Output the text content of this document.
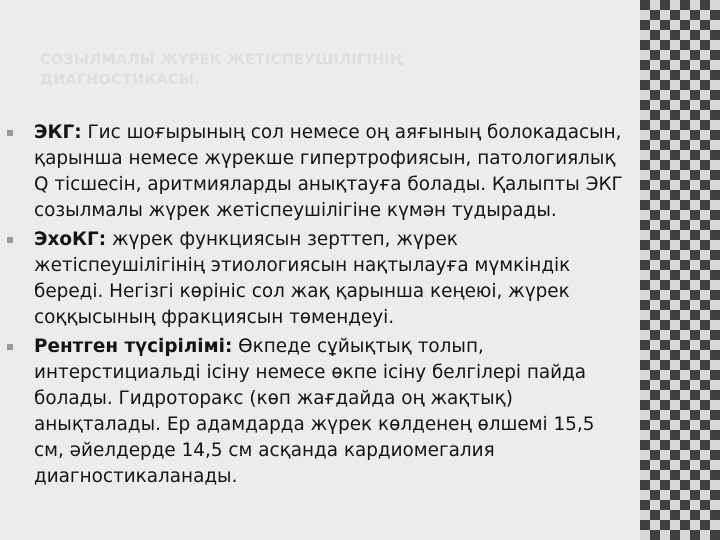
СОЗЫЛМАЛЫ ЖҮРЕК ЖЕТІСПЕУШІЛІГІНІҢ ДИАГНОСТИКАСЫ.
ЭКГ: Гис шоғырының сол немесе оң аяғының болокадасын, қарынша немесе жүрекше гипертрофиясын, патологиялық Q тісшесін, аритмияларды анықтауға болады. Қалыпты ЭКГ созылмалы жүрек жетіспеушілігіне күмән тудырады.
ЭхоКГ: жүрек функциясын зерттеп, жүрек жетіспеушілігінің этиологиясын нақтылауға мүмкіндік береді. Негізгі көрініс сол жақ қарынша кеңеюі, жүрек соққысының фракциясын төмендеуі.
Рентген түсірілімі: Өкпеде сұйықтық толып, интерстициальді ісіну немесе өкпе ісіну белгілері пайда болады. Гидроторакс (көп жағдайда оң жақтық) анықталады. Ер адамдарда жүрек көлденең өлшемі 15,5 см, әйелдерде 14,5 см асқанда кардиомегалия диагностикаланады.
